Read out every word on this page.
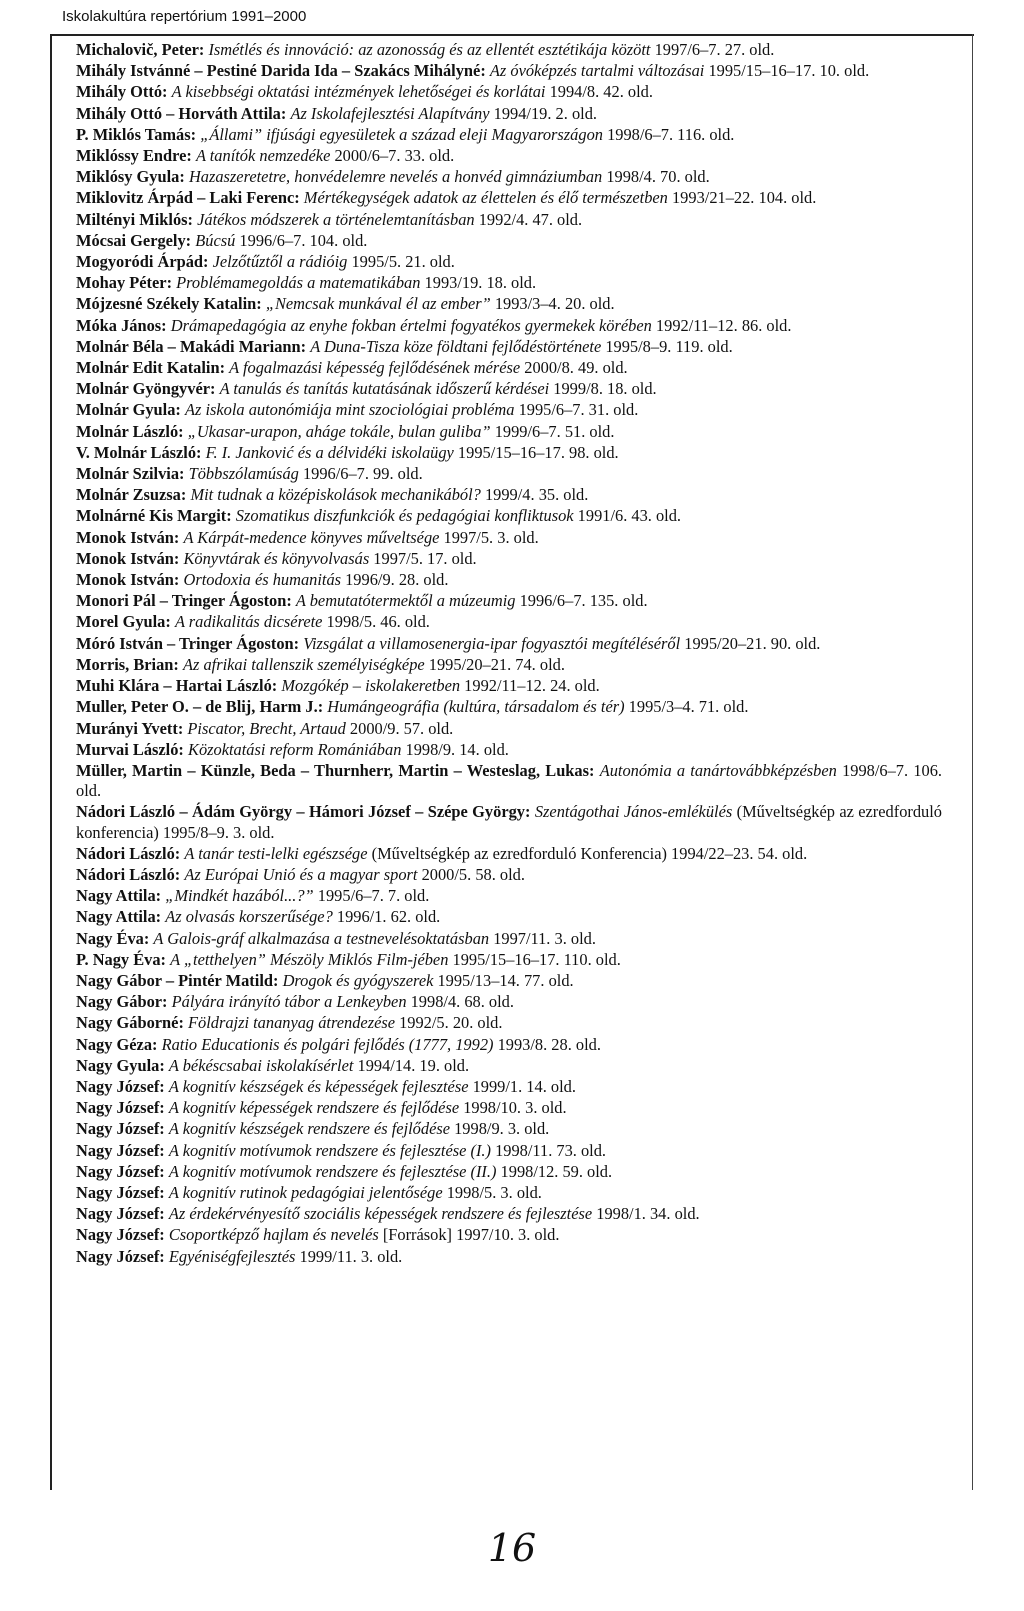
Iskolakultúra repertórium 1991–2000
Michalovič, Peter: Ismétlés és innováció: az azonosság és az ellentét esztétikája között 1997/6–7. 27. old.
Mihály Istvánné – Pestiné Darida Ida – Szakács Mihályné: Az óvóképzés tartalmi változásai 1995/15–16–17. 10. old.
Mihály Ottó: A kisebbségi oktatási intézmények lehetőségei és korlátai 1994/8. 42. old.
Mihály Ottó – Horváth Attila: Az Iskolafejlesztési Alapítvány 1994/19. 2. old.
P. Miklós Tamás: „Állami” ifjúsági egyesületek a század eleji Magyarországon 1998/6–7. 116. old.
Miklóssy Endre: A tanítók nemzedéke 2000/6–7. 33. old.
Miklósy Gyula: Hazaszeretetre, honvédelemre nevelés a honvéd gimnáziumban 1998/4. 70. old.
Miklovitz Árpád – Laki Ferenc: Mértékegységek adatok az élettelen és élő természetben 1993/21–22. 104. old.
Miltényi Miklós: Játékos módszerek a történelemtanításban 1992/4. 47. old.
Mócsai Gergely: Búcsú 1996/6–7. 104. old.
Mogyoródi Árpád: Jelzőtűztől a rádióig 1995/5. 21. old.
Mohay Péter: Problémamegoldás a matematikában 1993/19. 18. old.
Mójzesné Székely Katalin: „Nemcsak munkával él az ember” 1993/3–4. 20. old.
Móka János: Drámapedagógia az enyhe fokban értelmi fogyatékos gyermekek körében 1992/11–12. 86. old.
Molnár Béla – Makádi Mariann: A Duna-Tisza köze földtani fejlődéstörténete 1995/8–9. 119. old.
Molnár Edit Katalin: A fogalmazási képesség fejlődésének mérése 2000/8. 49. old.
Molnár Gyöngyvér: A tanulás és tanítás kutatásának időszerű kérdései 1999/8. 18. old.
Molnár Gyula: Az iskola autonómiája mint szociológiai probléma 1995/6–7. 31. old.
Molnár László: „Ukasar-urapon, aháge tokále, bulan guliba” 1999/6–7. 51. old.
V. Molnár László: F. I. Janković és a délvidéki iskolaügy 1995/15–16–17. 98. old.
Molnár Szilvia: Többszólamúság 1996/6–7. 99. old.
Molnár Zsuzsa: Mit tudnak a középiskolások mechanikából? 1999/4. 35. old.
Molnárné Kis Margit: Szomatikus diszfunkciók és pedagógiai konfliktusok 1991/6. 43. old.
Monok István: A Kárpát-medence könyves műveltsége 1997/5. 3. old.
Monok István: Könyvtárak és könyvolvasás 1997/5. 17. old.
Monok István: Ortodoxia és humanitás 1996/9. 28. old.
Monori Pál – Tringer Ágoston: A bemutatótermektől a múzeumig 1996/6–7. 135. old.
Morel Gyula: A radikalitás dicsérete 1998/5. 46. old.
Móró István – Tringer Ágoston: Vizsgálat a villamosenergia-ipar fogyasztói megítéléséről 1995/20–21. 90. old.
Morris, Brian: Az afrikai tallenszik személyiségképe 1995/20–21. 74. old.
Muhi Klára – Hartai László: Mozgókép – iskolakeretben 1992/11–12. 24. old.
Muller, Peter O. – de Blij, Harm J.: Humángeográfia (kultúra, társadalom és tér) 1995/3–4. 71. old.
Murányi Yvett: Piscator, Brecht, Artaud 2000/9. 57. old.
Murvai László: Közoktatási reform Romániában 1998/9. 14. old.
Müller, Martin – Künzle, Beda – Thurnherr, Martin – Westeslag, Lukas: Autonómia a tanártovábbképzésben 1998/6–7. 106. old.
Nádori László – Ádám György – Hámori József – Szépe György: Szentágothai János-emlékülés (Műveltségkép az ezredforduló konferencia) 1995/8–9. 3. old.
Nádori László: A tanár testi-lelki egészsége (Műveltségkép az ezredforduló Konferencia) 1994/22–23. 54. old.
Nádori László: Az Európai Unió és a magyar sport 2000/5. 58. old.
Nagy Attila: „Mindkét hazából...?” 1995/6–7. 7. old.
Nagy Attila: Az olvasás korszerűsége? 1996/1. 62. old.
Nagy Éva: A Galois-gráf alkalmazása a testnevelésoktatásban 1997/11. 3. old.
P. Nagy Éva: A „tetthelyen” Mészöly Miklós Film-jében 1995/15–16–17. 110. old.
Nagy Gábor – Pintér Matild: Drogok és gyógyszerek 1995/13–14. 77. old.
Nagy Gábor: Pályára irányító tábor a Lenkeyben 1998/4. 68. old.
Nagy Gáborné: Földrajzi tananyag átrendezése 1992/5. 20. old.
Nagy Géza: Ratio Educationis és polgári fejlődés (1777, 1992) 1993/8. 28. old.
Nagy Gyula: A békéscsabai iskolakísérlet 1994/14. 19. old.
Nagy József: A kognitív készségek és képességek fejlesztése 1999/1. 14. old.
Nagy József: A kognitív képességek rendszere és fejlődése 1998/10. 3. old.
Nagy József: A kognitív készségek rendszere és fejlődése 1998/9. 3. old.
Nagy József: A kognitív motívumok rendszere és fejlesztése (I.) 1998/11. 73. old.
Nagy József: A kognitív motívumok rendszere és fejlesztése (II.) 1998/12. 59. old.
Nagy József: A kognitív rutinok pedagógiai jelentősége 1998/5. 3. old.
Nagy József: Az érdekérvényesítő szociális képességek rendszere és fejlesztése 1998/1. 34. old.
Nagy József: Csoportképző hajlam és nevelés [Források] 1997/10. 3. old.
Nagy József: Egyéniségfejlesztés 1999/11. 3. old.
16
